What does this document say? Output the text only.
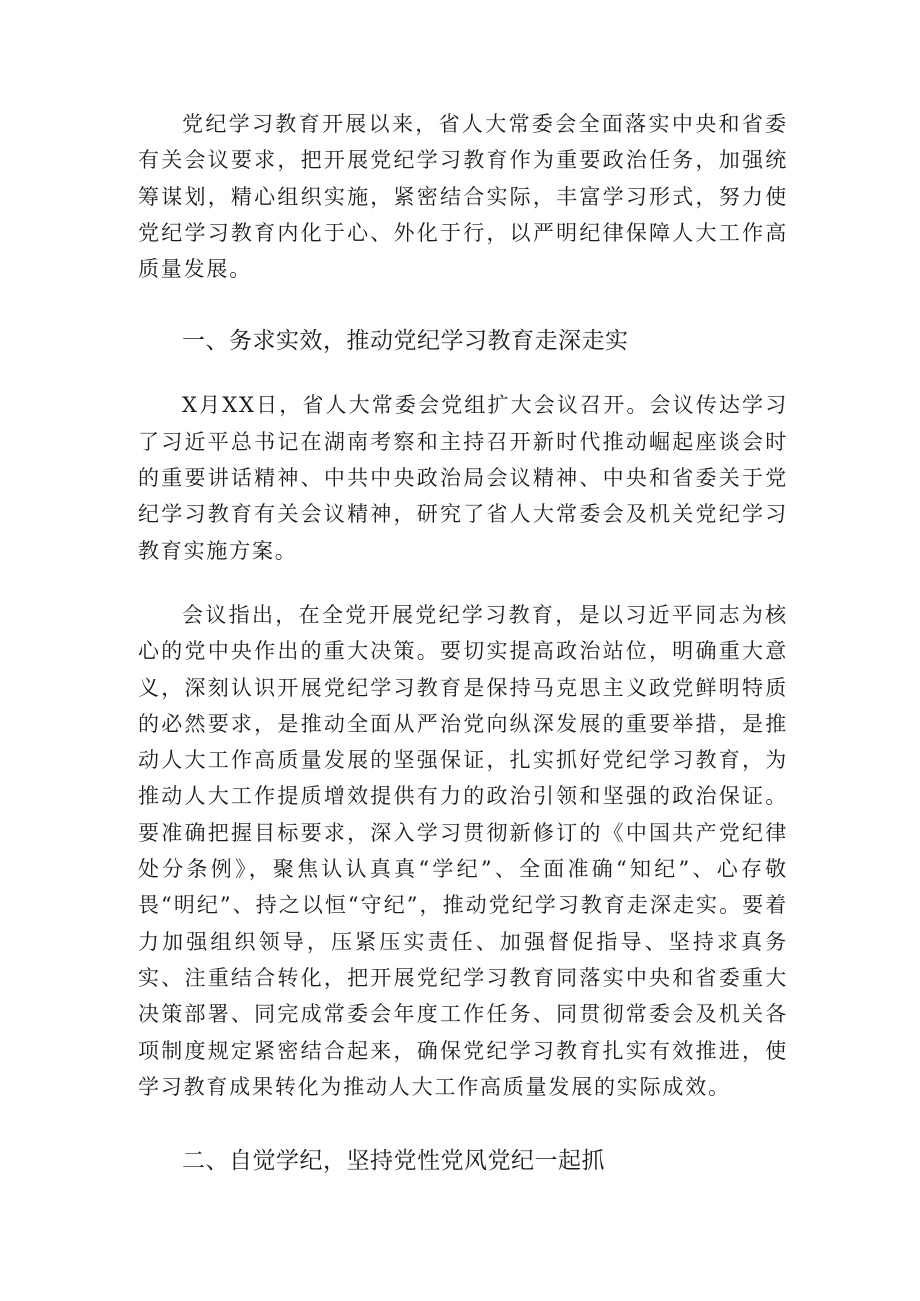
党纪学习教育开展以来，省人大常委会全面落实中央和省委有关会议要求，把开展党纪学习教育作为重要政治任务，加强统筹谋划，精心组织实施，紧密结合实际，丰富学习形式，努力使党纪学习教育内化于心、外化于行，以严明纪律保障人大工作高质量发展。

一、务求实效，推动党纪学习教育走深走实

X月XX日，省人大常委会党组扩大会议召开。会议传达学习了习近平总书记在湖南考察和主持召开新时代推动崛起座谈会时的重要讲话精神、中共中央政治局会议精神、中央和省委关于党纪学习教育有关会议精神，研究了省人大常委会及机关党纪学习教育实施方案。

会议指出，在全党开展党纪学习教育，是以习近平同志为核心的党中央作出的重大决策。要切实提高政治站位，明确重大意义，深刻认识开展党纪学习教育是保持马克思主义政党鲜明特质的必然要求，是推动全面从严治党向纵深发展的重要举措，是推动人大工作高质量发展的坚强保证，扎实抓好党纪学习教育，为推动人大工作提质增效提供有力的政治引领和坚强的政治保证。要准确把握目标要求，深入学习贯彻新修订的《中国共产党纪律处分条例》，聚焦认认真真“学纪”、全面准确“知纪”、心存敬畏“明纪”、持之以恒“守纪”，推动党纪学习教育走深走实。要着力加强组织领导，压紧压实责任、加强督促指导、坚持求真务实、注重结合转化，把开展党纪学习教育同落实中央和省委重大决策部署、同完成常委会年度工作任务、同贯彻常委会及机关各项制度规定紧密结合起来，确保党纪学习教育扎实有效推进，使学习教育成果转化为推动人大工作高质量发展的实际成效。

二、自觉学纪，坚持党性党风党纪一起抓
